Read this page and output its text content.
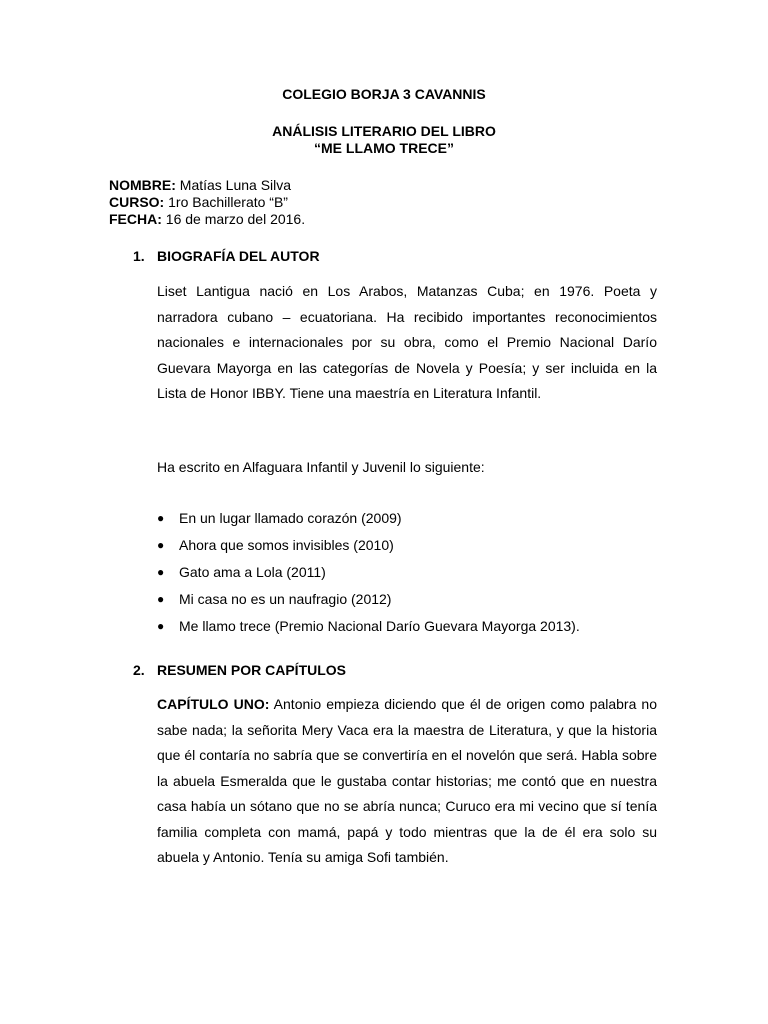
COLEGIO BORJA 3 CAVANNIS
ANÁLISIS LITERARIO DEL LIBRO
“ME LLAMO TRECE”
NOMBRE: Matías Luna Silva
CURSO: 1ro Bachillerato “B”
FECHA: 16 de marzo del 2016.
1. BIOGRAFÍA DEL AUTOR
Liset Lantigua nació en Los Arabos, Matanzas Cuba; en 1976. Poeta y narradora cubano – ecuatoriana. Ha recibido importantes reconocimientos nacionales e internacionales por su obra, como el Premio Nacional Darío Guevara Mayorga en las categorías de Novela y Poesía; y ser incluida en la Lista de Honor IBBY. Tiene una maestría en Literatura Infantil.
Ha escrito en Alfaguara Infantil y Juvenil lo siguiente:
● En un lugar llamado corazón (2009)
● Ahora que somos invisibles (2010)
● Gato ama a Lola (2011)
● Mi casa no es un naufragio (2012)
● Me llamo trece (Premio Nacional Darío Guevara Mayorga 2013).
2. RESUMEN POR CAPÍTULOS
CAPÍTULO UNO: Antonio empieza diciendo que él de origen como palabra no sabe nada; la señorita Mery Vaca era la maestra de Literatura, y que la historia que él contaría no sabría que se convertiría en el novelón que será. Habla sobre la abuela Esmeralda que le gustaba contar historias; me contó que en nuestra casa había un sótano que no se abría nunca; Curuco era mi vecino que sí tenía familia completa con mamá, papá y todo mientras que la de él era solo su abuela y Antonio. Tenía su amiga Sofi también.
